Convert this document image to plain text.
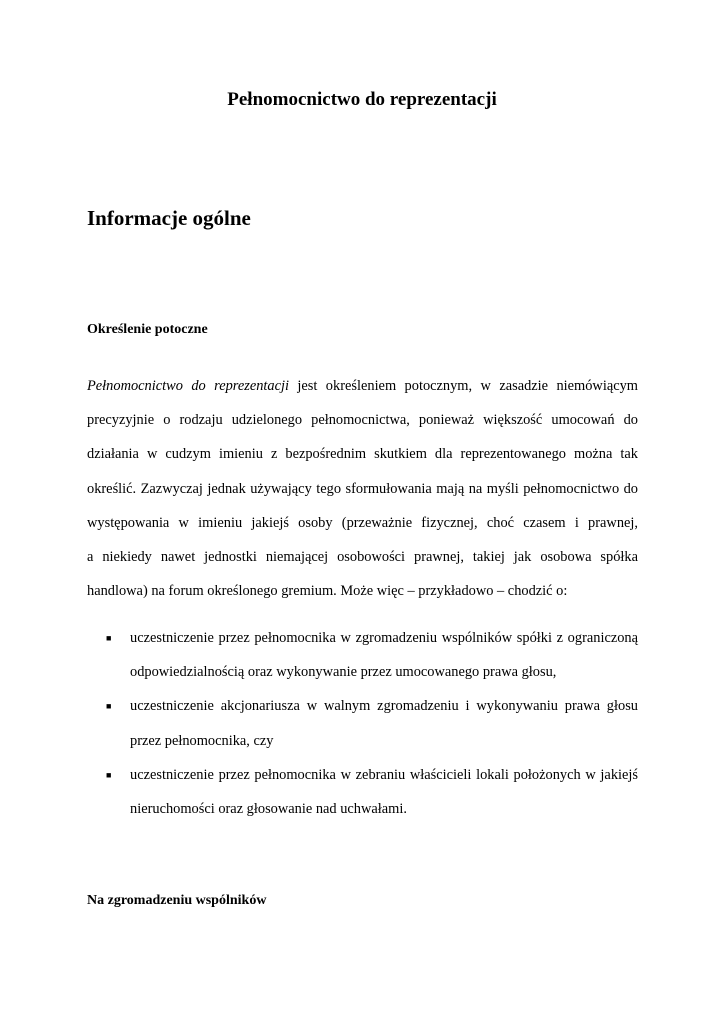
Pełnomocnictwo do reprezentacji
Informacje ogólne
Określenie potoczne
Pełnomocnictwo do reprezentacji jest określeniem potocznym, w zasadzie niemówiącym
precyzyjnie o rodzaju udzielonego pełnomocnictwa, ponieważ większość umocowań do
działania w cudzym imieniu z bezpośrednim skutkiem dla reprezentowanego można tak
określić. Zazwyczaj jednak używający tego sformułowania mają na myśli pełnomocnictwo do
występowania w imieniu jakiejś osoby (przeważnie fizycznej, choć czasem i prawnej,
a niekiedy nawet jednostki niemającej osobowości prawnej, takiej jak osobowa spółka
handlowa) na forum określonego gremium. Może więc – przykładowo – chodzić o:
■ uczestniczenie przez pełnomocnika w zgromadzeniu wspólników spółki z ograniczoną
odpowiedzialnością oraz wykonywanie przez umocowanego prawa głosu,
■ uczestniczenie akcjonariusza w walnym zgromadzeniu i wykonywaniu prawa głosu
przez pełnomocnika, czy
■ uczestniczenie przez pełnomocnika w zebraniu właścicieli lokali położonych w jakiejś
nieruchomości oraz głosowanie nad uchwałami.
Na zgromadzeniu wspólników
